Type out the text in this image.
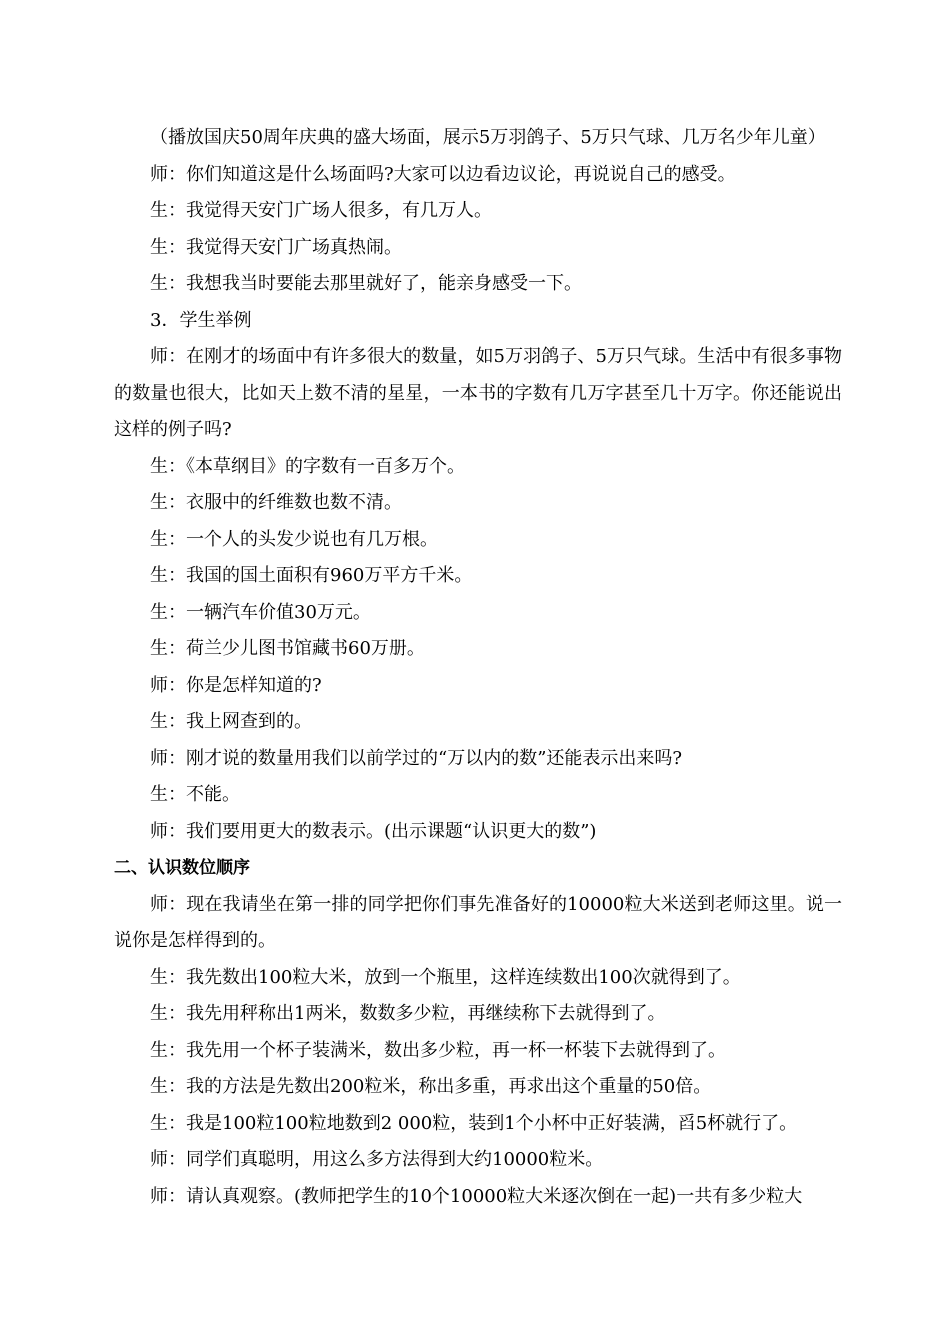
（播放国庆50周年庆典的盛大场面，展示5万羽鸽子、5万只气球、几万名少年儿童）

师：你们知道这是什么场面吗?大家可以边看边议论，再说说自己的感受。

生：我觉得天安门广场人很多，有几万人。

生：我觉得天安门广场真热闹。

生：我想我当时要能去那里就好了，能亲身感受一下。

3．学生举例

师：在刚才的场面中有许多很大的数量，如5万羽鸽子、5万只气球。生活中有很多事物的数量也很大，比如天上数不清的星星，一本书的字数有几万字甚至几十万字。你还能说出这样的例子吗?

生：《本草纲目》的字数有一百多万个。

生：衣服中的纤维数也数不清。

生：一个人的头发少说也有几万根。

生：我国的国土面积有960万平方千米。

生：一辆汽车价值30万元。

生：荷兰少儿图书馆藏书60万册。

师：你是怎样知道的?

生：我上网查到的。

师：刚才说的数量用我们以前学过的“万以内的数”还能表示出来吗?

生：不能。

师：我们要用更大的数表示。(出示课题“认识更大的数”)

二、认识数位顺序

师：现在我请坐在第一排的同学把你们事先准备好的10000粒大米送到老师这里。说一说你是怎样得到的。

生：我先数出100粒大米，放到一个瓶里，这样连续数出100次就得到了。

生：我先用秤称出1两米，数数多少粒，再继续称下去就得到了。

生：我先用一个杯子装满米，数出多少粒，再一杯一杯装下去就得到了。

生：我的方法是先数出200粒米，称出多重，再求出这个重量的50倍。

生：我是100粒100粒地数到2 000粒，装到1个小杯中正好装满，舀5杯就行了。

师：同学们真聪明，用这么多方法得到大约10000粒米。

师：请认真观察。(教师把学生的10个10000粒大米逐次倒在一起)一共有多少粒大
